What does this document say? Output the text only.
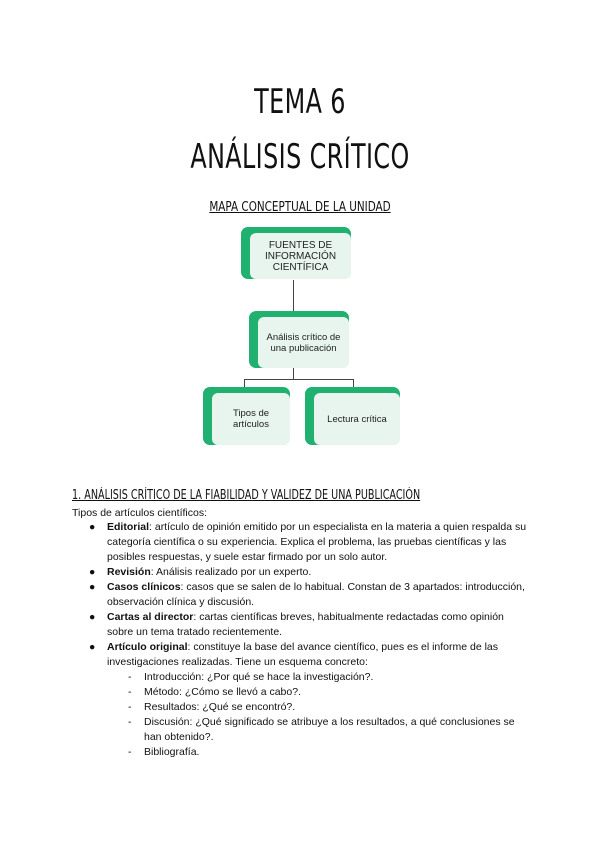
TEMA 6
ANÁLISIS CRÍTICO
MAPA CONCEPTUAL DE LA UNIDAD
FUENTES DE INFORMACIÓN CIENTÍFICA
Análisis crítico de una publicación
Tipos de artículos	Lectura crítica
1. ANÁLISIS CRÍTICO DE LA FIABILIDAD Y VALIDEZ DE UNA PUBLICACIÓN
Tipos de artículos científicos:
● Editorial: artículo de opinión emitido por un especialista en la materia a quien respalda su categoría científica o su experiencia. Explica el problema, las pruebas científicas y las posibles respuestas, y suele estar firmado por un solo autor.
● Revisión: Análisis realizado por un experto.
● Casos clínicos: casos que se salen de lo habitual. Constan de 3 apartados: introducción, observación clínica y discusión.
● Cartas al director: cartas científicas breves, habitualmente redactadas como opinión sobre un tema tratado recientemente.
● Artículo original: constituye la base del avance científico, pues es el informe de las investigaciones realizadas. Tiene un esquema concreto:
- Introducción: ¿Por qué se hace la investigación?.
- Método: ¿Cómo se llevó a cabo?.
- Resultados: ¿Qué se encontró?.
- Discusión: ¿Qué significado se atribuye a los resultados, a qué conclusiones se han obtenido?.
- Bibliografía.
